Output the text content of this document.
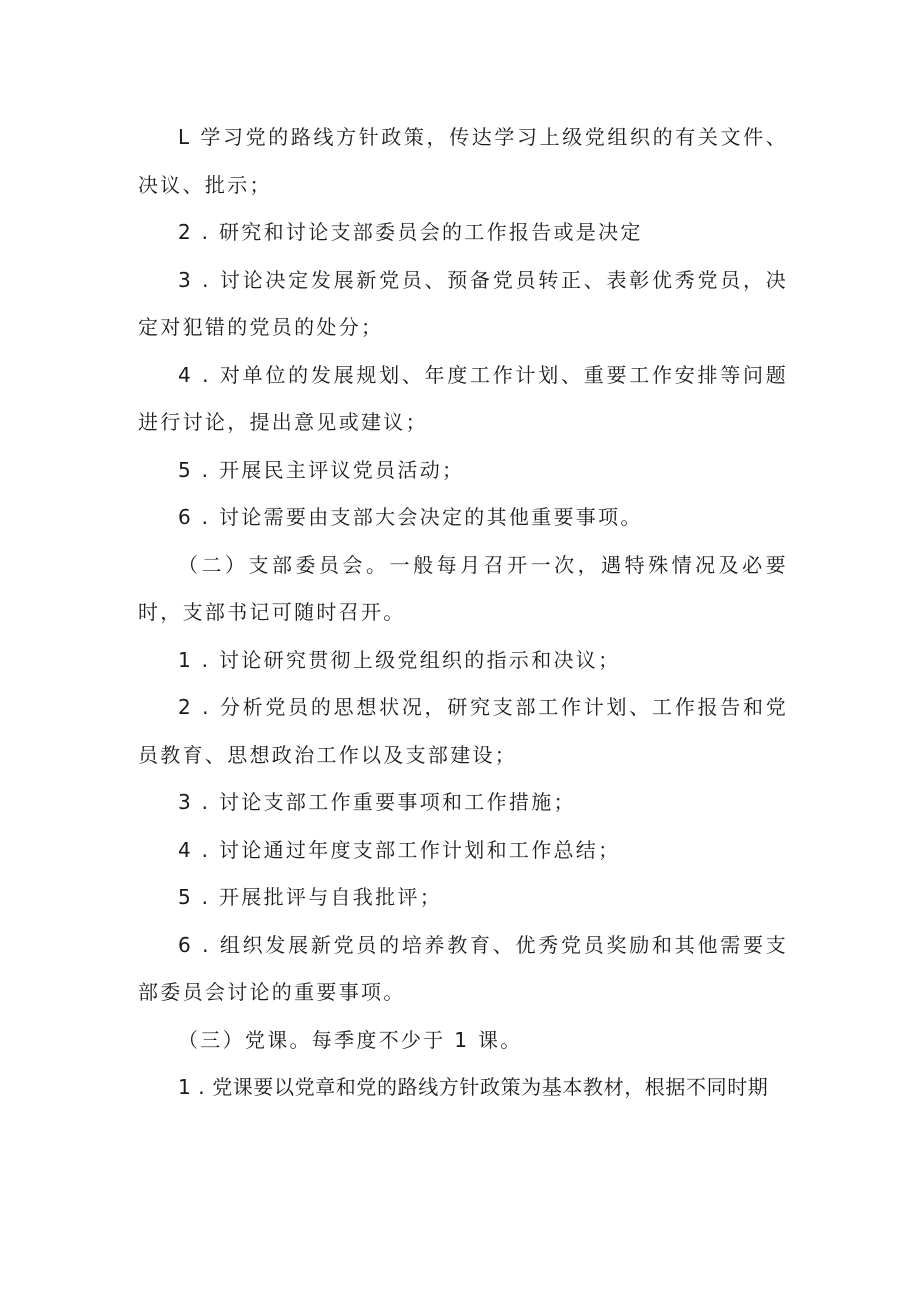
L 学习党的路线方针政策，传达学习上级党组织的有关文件、决议、批示；

2 . 研究和讨论支部委员会的工作报告或是决定

3 . 讨论决定发展新党员、预备党员转正、表彰优秀党员，决定对犯错的党员的处分；

4 . 对单位的发展规划、年度工作计划、重要工作安排等问题进行讨论，提出意见或建议；

5 . 开展民主评议党员活动；

6 . 讨论需要由支部大会决定的其他重要事项。

（二）支部委员会。一般每月召开一次，遇特殊情况及必要时，支部书记可随时召开。

1 . 讨论研究贯彻上级党组织的指示和决议；

2 . 分析党员的思想状况，研究支部工作计划、工作报告和党员教育、思想政治工作以及支部建设；

3 . 讨论支部工作重要事项和工作措施；

4 . 讨论通过年度支部工作计划和工作总结；

5 . 开展批评与自我批评；

6 . 组织发展新党员的培养教育、优秀党员奖励和其他需要支部委员会讨论的重要事项。

（三）党课。每季度不少于 1 课。

1 . 党课要以党章和党的路线方针政策为基本教材，根据不同时期
